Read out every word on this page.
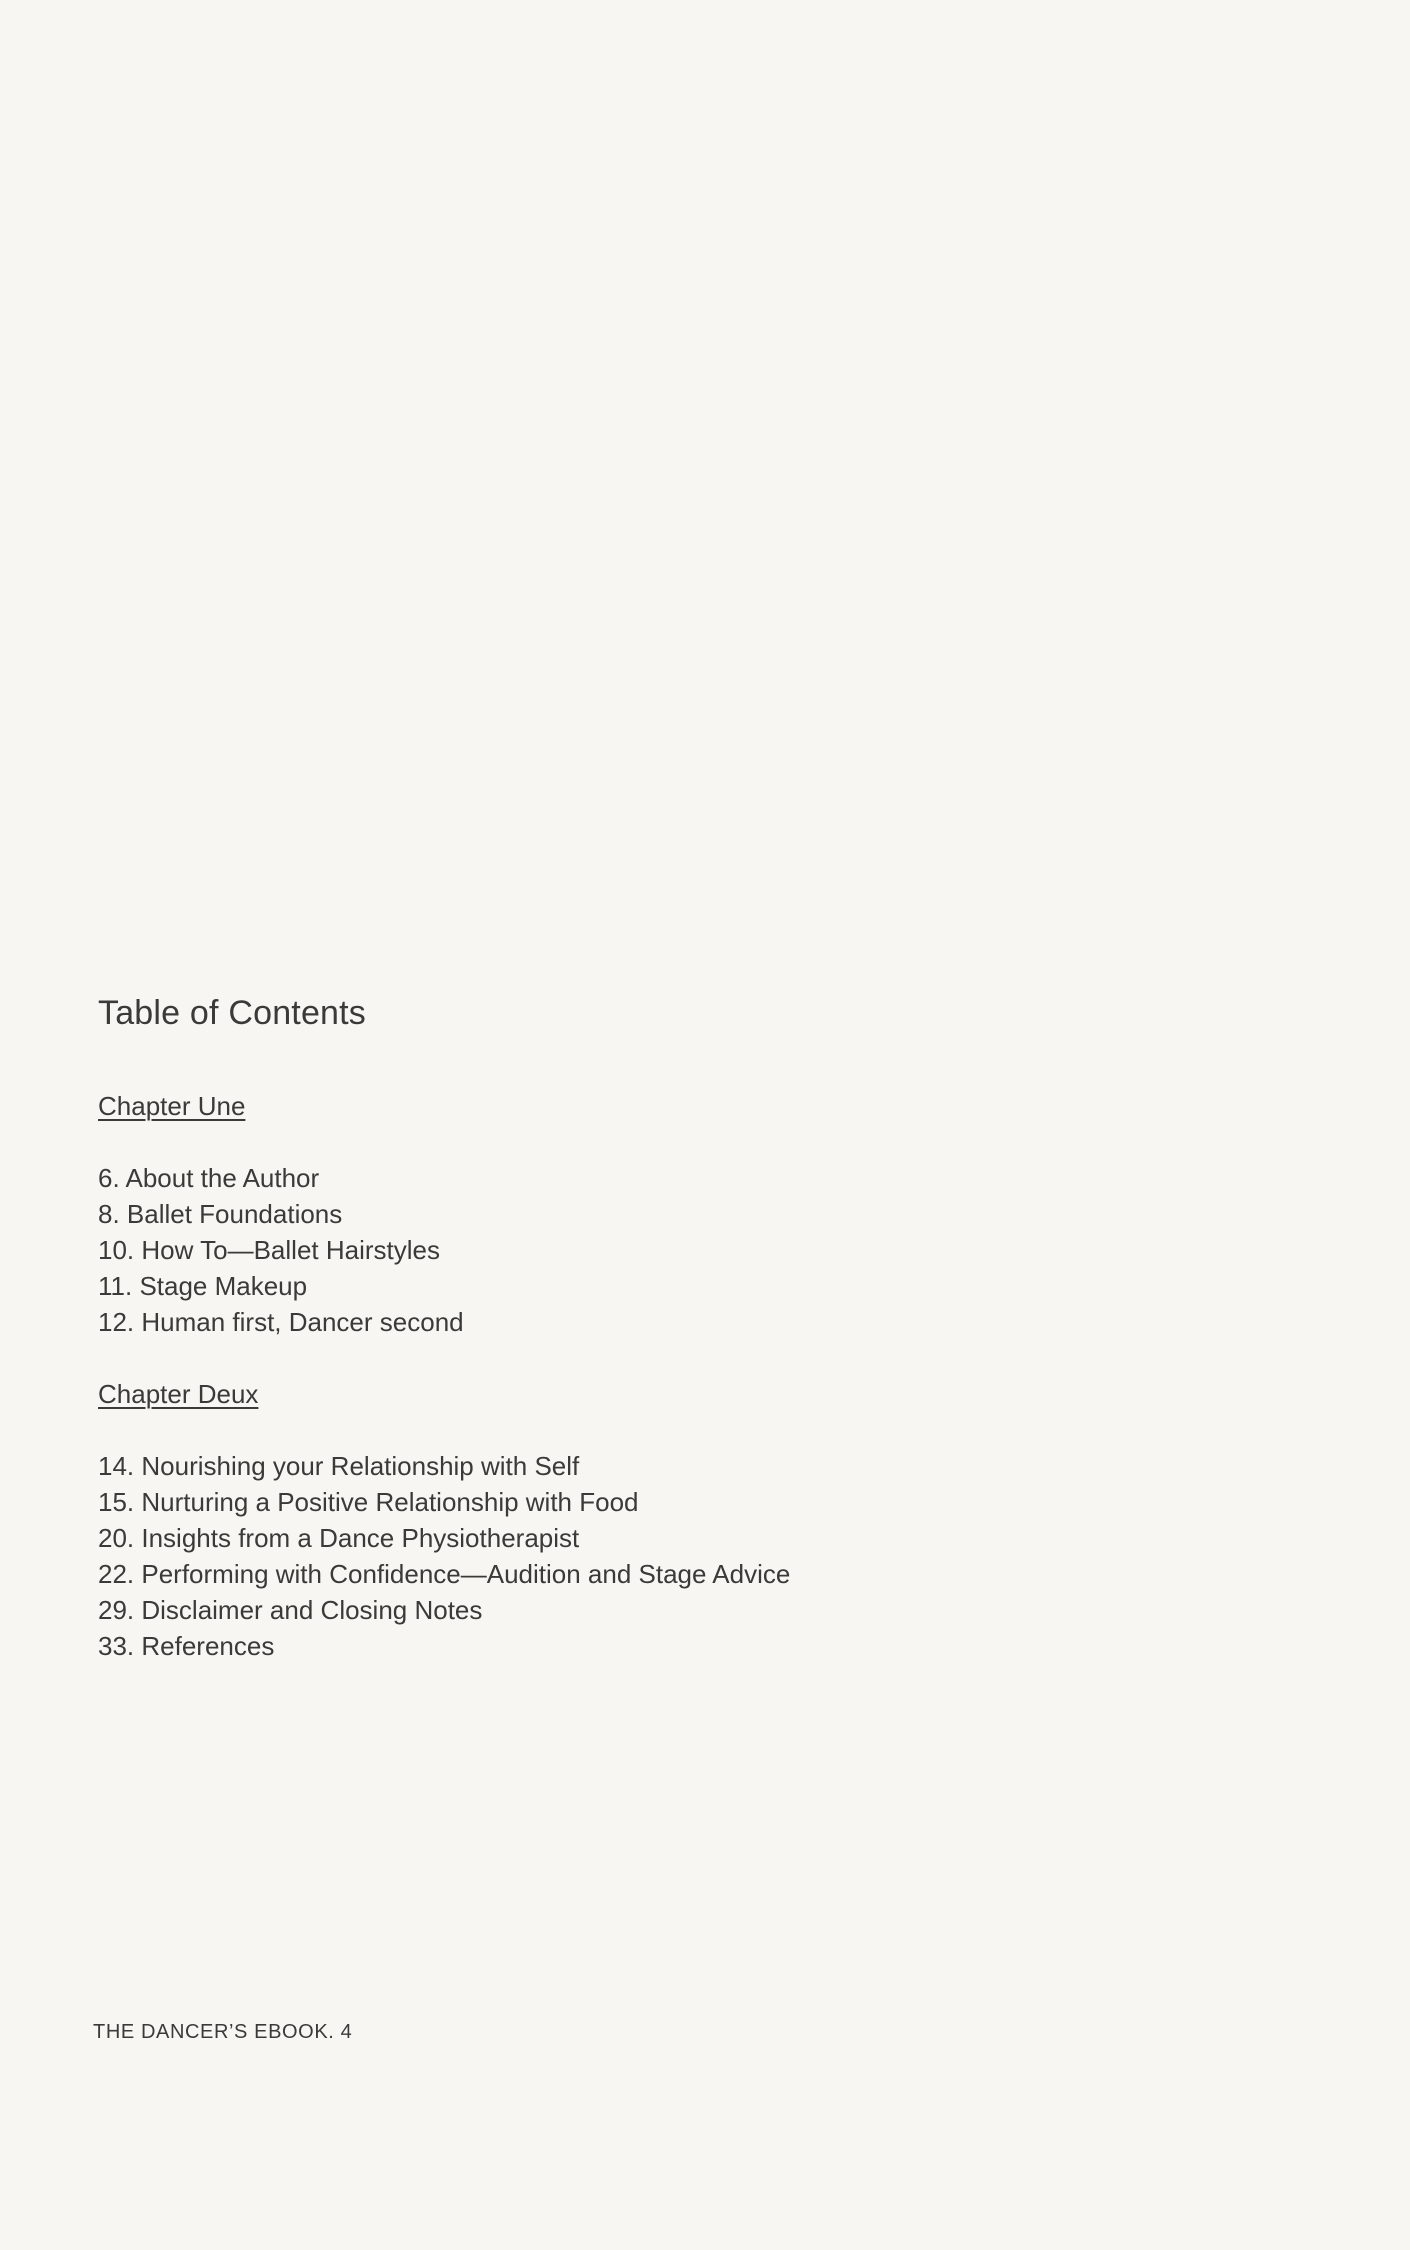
Table of Contents

Chapter Une

6. About the Author
8. Ballet Foundations
10. How To—Ballet Hairstyles
11. Stage Makeup
12. Human first, Dancer second

Chapter Deux

14. Nourishing your Relationship with Self
15. Nurturing a Positive Relationship with Food
20. Insights from a Dance Physiotherapist
22. Performing with Confidence—Audition and Stage Advice
29. Disclaimer and Closing Notes
33. References
THE DANCER’S EBOOK. 4
